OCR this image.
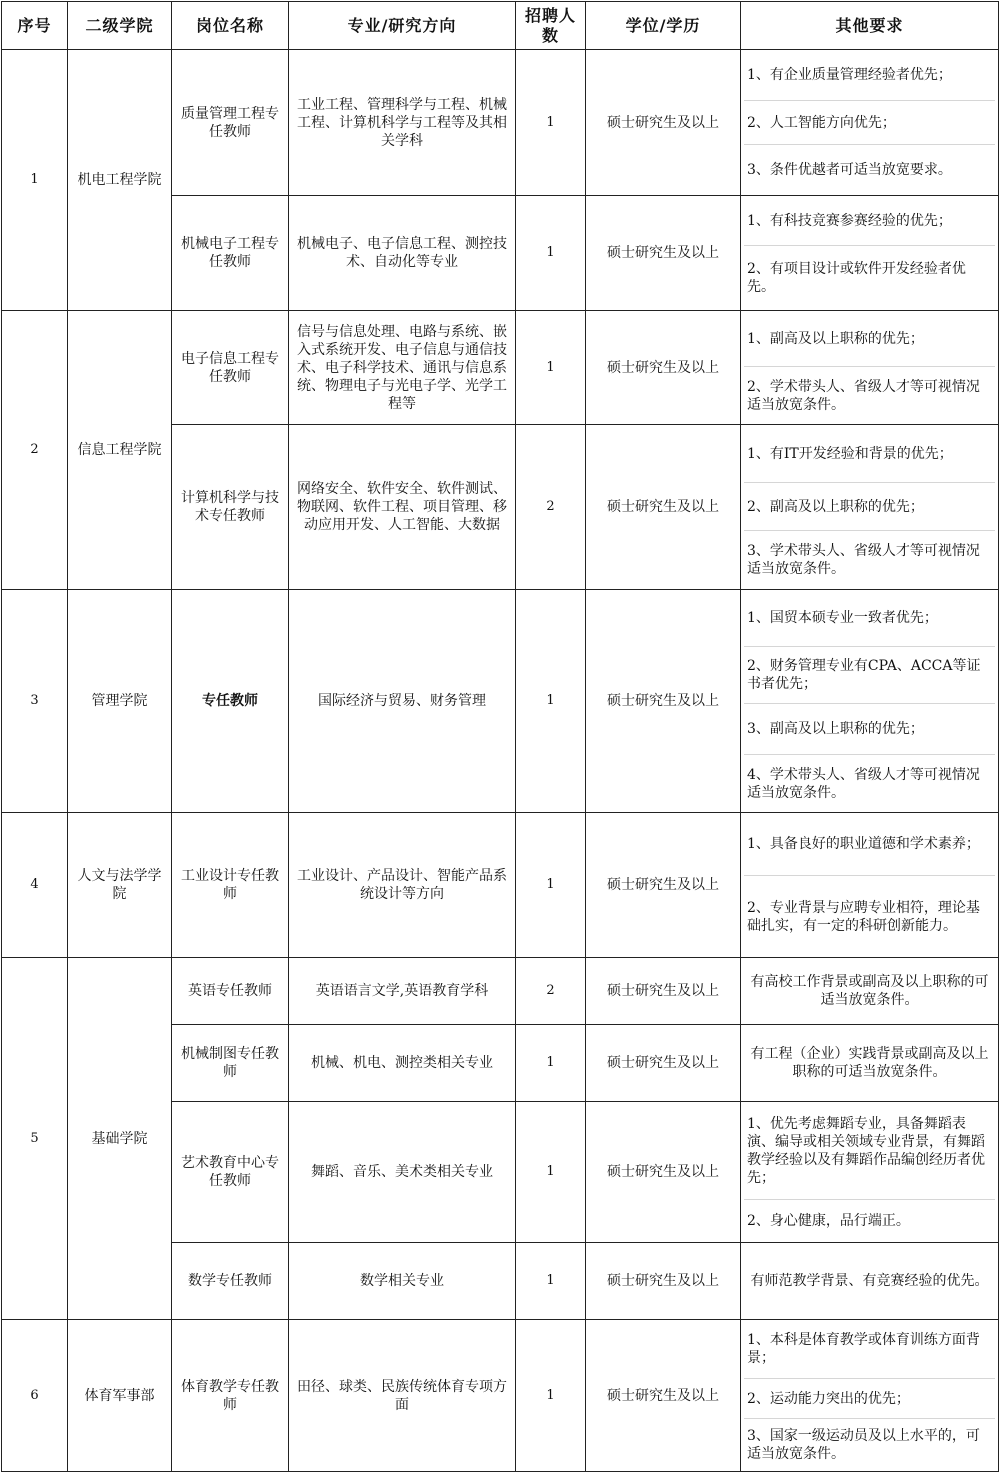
序号	二级学院	岗位名称	专业/研究方向	招聘人数	学位/学历	其他要求
1	机电工程学院	质量管理工程专任教师	工业工程、管理科学与工程、机械工程、计算机科学与工程等及其相关学科	1	硕士研究生及以上	1、有企业质量管理经验者优先；
2、人工智能方向优先；
3、条件优越者可适当放宽要求。

		机械电子工程专任教师	机械电子、电子信息工程、测控技术、自动化等专业	1	硕士研究生及以上	1、有科技竞赛参赛经验的优先；
2、有项目设计或软件开发经验者优先。

2	信息工程学院	电子信息工程专任教师	信号与信息处理、电路与系统、嵌入式系统开发、电子信息与通信技术、电子科学技术、通讯与信息系统、物理电子与光电子学、光学工程等	1	硕士研究生及以上	1、副高及以上职称的优先；
2、学术带头人、省级人才等可视情况适当放宽条件。

		计算机科学与技术专任教师	网络安全、软件安全、软件测试、物联网、软件工程、项目管理、移动应用开发、人工智能、大数据	2	硕士研究生及以上	1、有IT开发经验和背景的优先；
2、副高及以上职称的优先；
3、学术带头人、省级人才等可视情况适当放宽条件。

3	管理学院	专任教师	国际经济与贸易、财务管理	1	硕士研究生及以上	1、国贸本硕专业一致者优先；
2、财务管理专业有CPA、ACCA等证书者优先；
3、副高及以上职称的优先；
4、学术带头人、省级人才等可视情况适当放宽条件。

4	人文与法学学院	工业设计专任教师	工业设计、产品设计、智能产品系统设计等方向	1	硕士研究生及以上	1、具备良好的职业道德和学术素养；
2、专业背景与应聘专业相符，理论基础扎实，有一定的科研创新能力。

5	基础学院	英语专任教师	英语语言文学,英语教育学科	2	硕士研究生及以上	有高校工作背景或副高及以上职称的可适当放宽条件。
		机械制图专任教师	机械、机电、测控类相关专业	1	硕士研究生及以上	有工程（企业）实践背景或副高及以上职称的可适当放宽条件。
		艺术教育中心专任教师	舞蹈、音乐、美术类相关专业	1	硕士研究生及以上	1、优先考虑舞蹈专业，具备舞蹈表演、编导或相关领域专业背景，有舞蹈教学经验以及有舞蹈作品编创经历者优先；
2、身心健康，品行端正。

		数学专任教师	数学相关专业	1	硕士研究生及以上	有师范教学背景、有竞赛经验的优先。
6	体育军事部	体育教学专任教师	田径、球类、民族传统体育专项方面	1	硕士研究生及以上	1、本科是体育教学或体育训练方面背景；
2、运动能力突出的优先；
3、国家一级运动员及以上水平的，可适当放宽条件。
